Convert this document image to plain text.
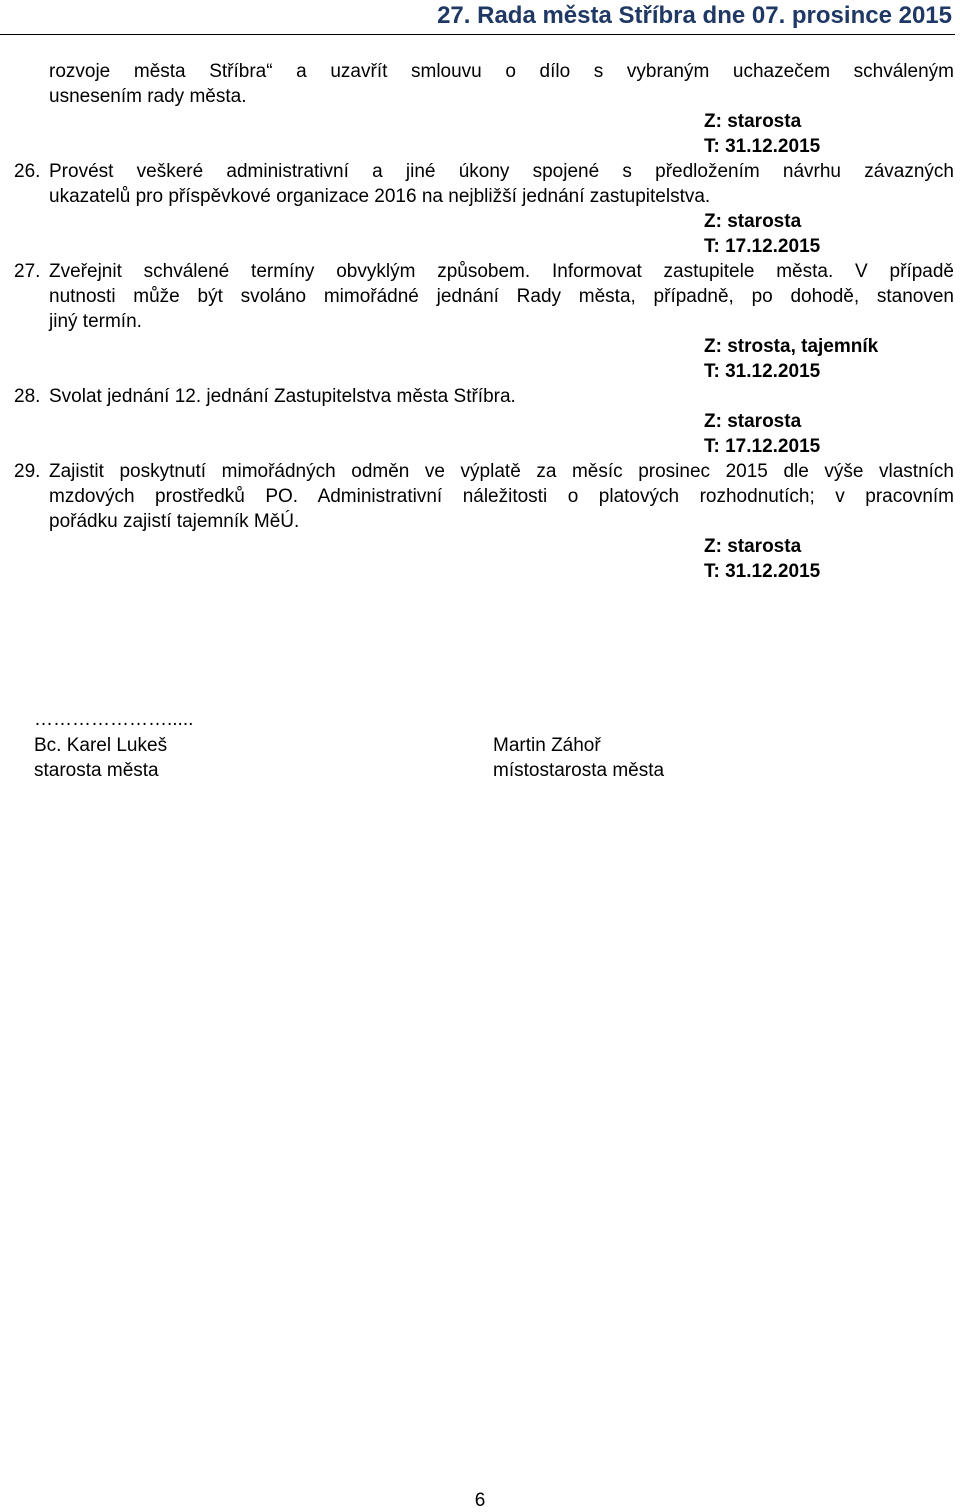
27. Rada města Stříbra dne 07. prosince 2015
rozvoje města Stříbra“ a uzavřít smlouvu o dílo s vybraným uchazečem schváleným
usnesením rady města.
Z: starosta
T: 31.12.2015
26. Provést veškeré administrativní a jiné úkony spojené s předložením návrhu závazných
ukazatelů pro příspěvkové organizace 2016 na nejbližší jednání zastupitelstva.
Z: starosta
T: 17.12.2015
27. Zveřejnit schválené termíny obvyklým způsobem. Informovat zastupitele města. V případě
nutnosti může být svoláno mimořádné jednání Rady města, případně, po dohodě, stanoven
jiný termín.
Z: strosta, tajemník
T: 31.12.2015
28. Svolat jednání 12. jednání Zastupitelstva města Stříbra.
Z: starosta
T: 17.12.2015
29. Zajistit poskytnutí mimořádných odměn ve výplatě za měsíc prosinec 2015 dle výše vlastních
mzdových prostředků PO. Administrativní náležitosti o platových rozhodnutích; v pracovním
pořádku zajistí tajemník MěÚ.
Z: starosta
T: 31.12.2015
………………….....
Bc. Karel Lukeš
starosta města
Martin Záhoř
místostarosta města
6
